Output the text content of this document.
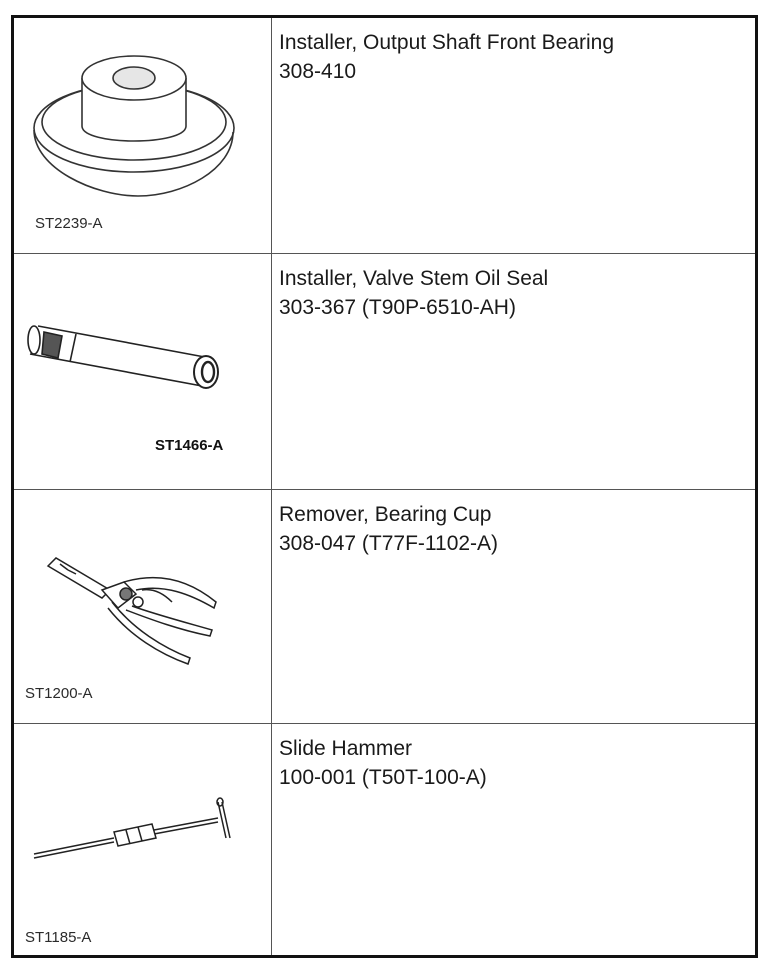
ST2239-A
Installer, Output Shaft Front Bearing
308-410
ST1466-A
Installer, Valve Stem Oil Seal
303-367 (T90P-6510-AH)
ST1200-A
Remover, Bearing Cup
308-047 (T77F-1102-A)
ST1185-A
Slide Hammer
100-001 (T50T-100-A)
